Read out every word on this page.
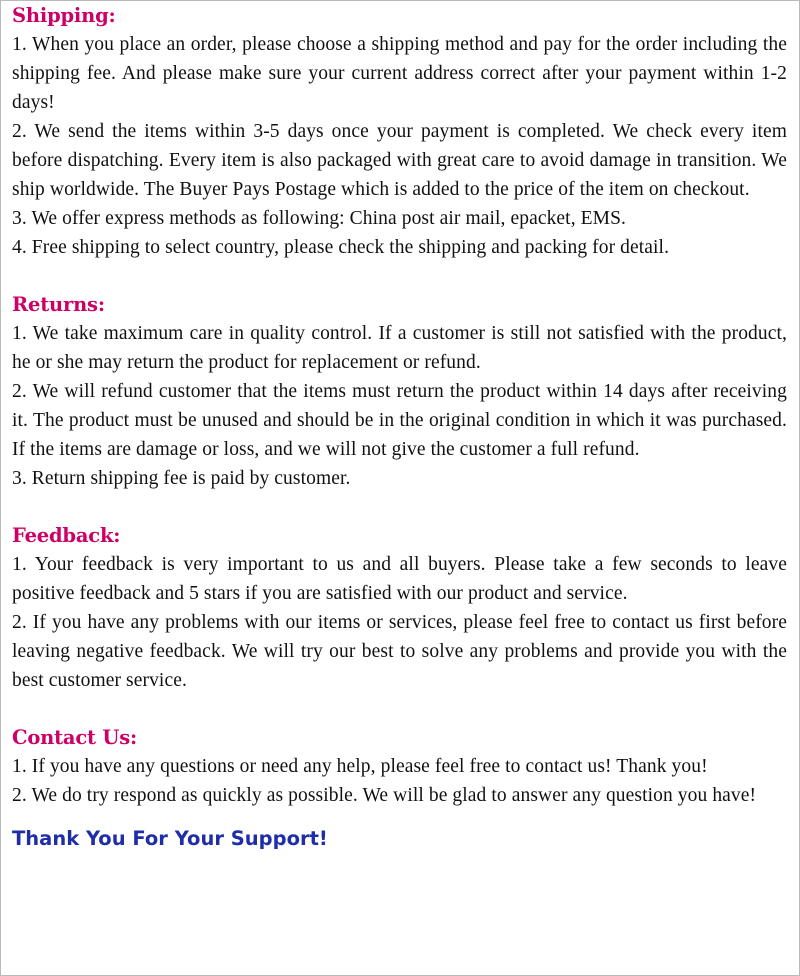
Shipping:

1. When you place an order, please choose a shipping method and pay for the order including the shipping fee. And please make sure your current address correct after your payment within 1-2 days!

2. We send the items within 3-5 days once your payment is completed. We check every item before dispatching. Every item is also packaged with great care to avoid damage in transition. We ship worldwide. The Buyer Pays Postage which is added to the price of the item on checkout.

3. We offer express methods as following: China post air mail, epacket, EMS.

4. Free shipping to select country, please check the shipping and packing for detail.

Returns:

1. We take maximum care in quality control. If a customer is still not satisfied with the product, he or she may return the product for replacement or refund.

2. We will refund customer that the items must return the product within 14 days after receiving it. The product must be unused and should be in the original condition in which it was purchased. If the items are damage or loss, and we will not give the customer a full refund.

3. Return shipping fee is paid by customer.

Feedback:

1. Your feedback is very important to us and all buyers. Please take a few seconds to leave positive feedback and 5 stars if you are satisfied with our product and service.

2. If you have any problems with our items or services, please feel free to contact us first before leaving negative feedback. We will try our best to solve any problems and provide you with the best customer service.

Contact Us:

1. If you have any questions or need any help, please feel free to contact us! Thank you!

2. We do try respond as quickly as possible. We will be glad to answer any question you have!

Thank You For Your Support!
